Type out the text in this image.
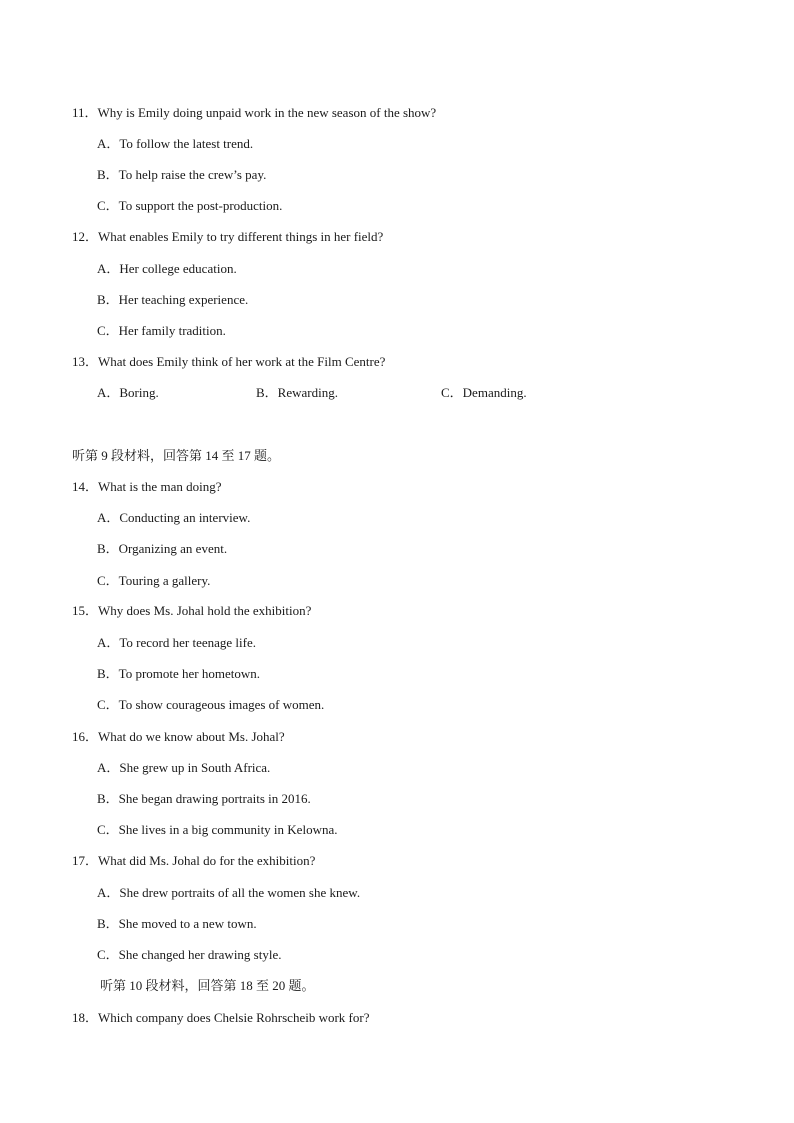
11．Why is Emily doing unpaid work in the new season of the show?
A．To follow the latest trend.
B．To help raise the crew’s pay.
C．To support the post-production.
12．What enables Emily to try different things in her field?
A．Her college education.
B．Her teaching experience.
C．Her family tradition.
13．What does Emily think of her work at the Film Centre?
A．Boring.	B．Rewarding.	C．Demanding.
听第 9 段材料，回答第 14 至 17 题。
14．What is the man doing?
A．Conducting an interview.
B．Organizing an event.
C．Touring a gallery.
15．Why does Ms. Johal hold the exhibition?
A．To record her teenage life.
B．To promote her hometown.
C．To show courageous images of women.
16．What do we know about Ms. Johal?
A．She grew up in South Africa.
B．She began drawing portraits in 2016.
C．She lives in a big community in Kelowna.
17．What did Ms. Johal do for the exhibition?
A．She drew portraits of all the women she knew.
B．She moved to a new town.
C．She changed her drawing style.
听第 10 段材料，回答第 18 至 20 题。
18．Which company does Chelsie Rohrscheib work for?
